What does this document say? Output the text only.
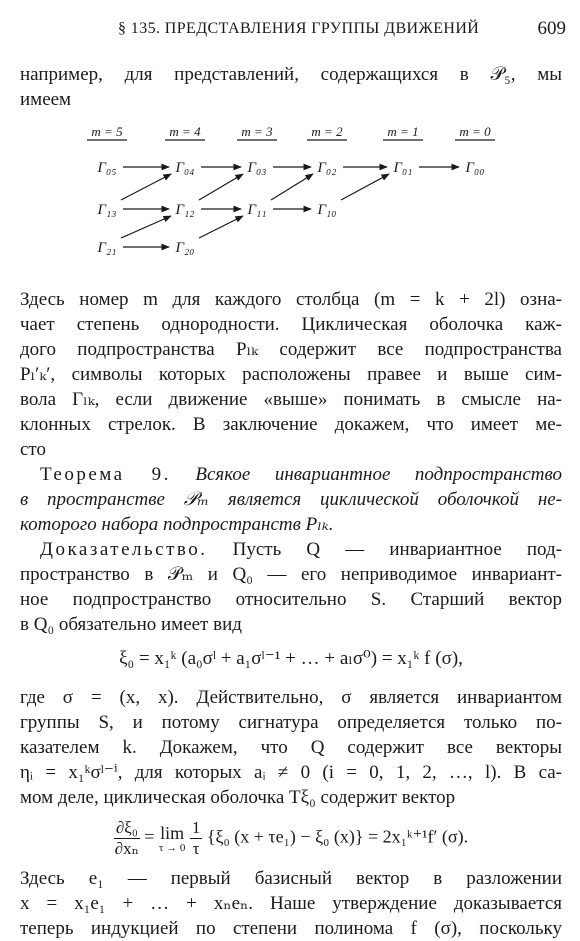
§ 135. ПРЕДСТАВЛЕНИЯ ГРУППЫ ДВИЖЕНИЙ	609
например, для представлений, содержащихся в 𝒫₅, мы
имеем
m = 5	m = 4	m = 3	m = 2	m = 1	m = 0
Γ₀₅	Γ₀₄	Γ₀₃	Γ₀₂	Γ₀₁	Γ₀₀
Γ₁₃	Γ₁₂	Γ₁₁	Γ₁₀
Γ₂₁	Γ₂₀
Здесь номер m для каждого столбца (m = k + 2l) озна-
чает степень однородности. Циклическая оболочка каж-
дого подпространства Pₗₖ содержит все подпространства
Pₗ′ₖ′, символы которых расположены правее и выше сим-
вола Γₗₖ, если движение «выше» понимать в смысле на-
клонных стрелок. В заключение докажем, что имеет ме-
сто
Теорема 9. Всякое инвариантное подпространство
в пространстве 𝒫ₘ является циклической оболочкой не-
которого набора подпространств Pₗₖ.
Доказательство. Пусть Q — инвариантное под-
пространство в 𝒫ₘ и Q₀ — его неприводимое инвариант-
ное подпространство относительно S. Старший вектор
в Q₀ обязательно имеет вид
ξ₀ = x₁ᵏ (a₀σˡ + a₁σˡ⁻¹ + … + aₗσ⁰) = x₁ᵏ f (σ),
где σ = (x, x). Действительно, σ является инвариантом
группы S, и потому сигнатура определяется только по-
казателем k. Докажем, что Q содержит все векторы
ηᵢ = x₁ᵏσˡ⁻ⁱ, для которых aᵢ ≠ 0 (i = 0, 1, 2, …, l). В са-
мом деле, циклическая оболочка Tξ₀ содержит вектор
$\frac{\text{∂ξ₀}}{\text{∂xₙ}} = \lim$
τ → 0
$\frac{1}{\tau} \{\xi_0$ (x + τe₁) − ξ₀ (x)} = 2x₁ᵏ⁺¹f′ (σ).
Здесь e₁ — первый базисный вектор в разложении
x = x₁e₁ + … + xₙeₙ. Наше утверждение доказывается
теперь индукцией по степени полинома f (σ), поскольку
